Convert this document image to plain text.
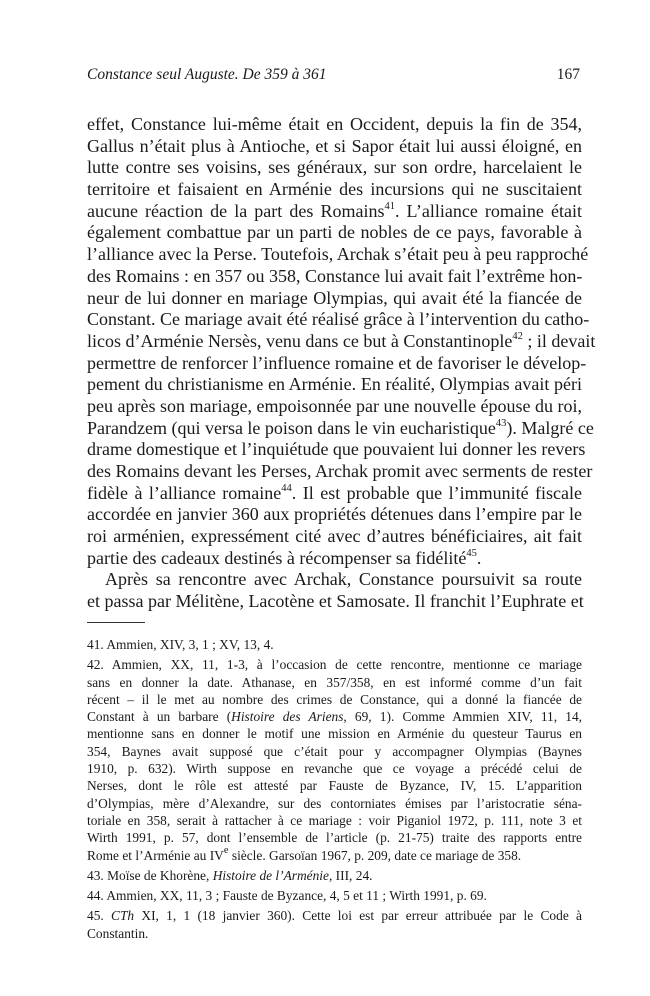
Constance seul Auguste. De 359 à 361	167
effet, Constance lui-même était en Occident, depuis la fin de 354,
Gallus n’était plus à Antioche, et si Sapor était lui aussi éloigné, en
lutte contre ses voisins, ses généraux, sur son ordre, harcelaient le
territoire et faisaient en Arménie des incursions qui ne suscitaient
aucune réaction de la part des Romains$^{41}$. L’alliance romaine était
également combattue par un parti de nobles de ce pays, favorable à
l’alliance avec la Perse. Toutefois, Archak s’était peu à peu rapproché
des Romains : en 357 ou 358, Constance lui avait fait l’extrême hon-
neur de lui donner en mariage Olympias, qui avait été la fiancée de
Constant. Ce mariage avait été réalisé grâce à l’intervention du catho-
licos d’Arménie Nersès, venu dans ce but à Constantinople$^{42}$ ; il devait
permettre de renforcer l’influence romaine et de favoriser le dévelop-
pement du christianisme en Arménie. En réalité, Olympias avait péri
peu après son mariage, empoisonnée par une nouvelle épouse du roi,
Parandzem (qui versa le poison dans le vin eucharistique$^{43}$). Malgré ce
drame domestique et l’inquiétude que pouvaient lui donner les revers
des Romains devant les Perses, Archak promit avec serments de rester
fidèle à l’alliance romaine$^{44}$. Il est probable que l’immunité fiscale
accordée en janvier 360 aux propriétés détenues dans l’empire par le
roi arménien, expressément cité avec d’autres bénéficiaires, ait fait
partie des cadeaux destinés à récompenser sa fidélité$^{45}$.
Après sa rencontre avec Archak, Constance poursuivit sa route
et passa par Mélitène, Lacotène et Samosate. Il franchit l’Euphrate et
41. Ammien, XIV, 3, 1 ; XV, 13, 4.
42. Ammien, XX, 11, 1-3, à l’occasion de cette rencontre, mentionne ce mariage
sans en donner la date. Athanase, en 357/358, en est informé comme d’un fait
récent – il le met au nombre des crimes de Constance, qui a donné la fiancée de
Constant à un barbare (Histoire des Ariens, 69, 1). Comme Ammien XIV, 11, 14,
mentionne sans en donner le motif une mission en Arménie du questeur Taurus en
354, Baynes avait supposé que c’était pour y accompagner Olympias (Baynes
1910, p. 632). Wirth suppose en revanche que ce voyage a précédé celui de
Nerses, dont le rôle est attesté par Fauste de Byzance, IV, 15. L’apparition
d’Olympias, mère d’Alexandre, sur des contorniates émises par l’aristocratie séna-
toriale en 358, serait à rattacher à ce mariage : voir Piganiol 1972, p. 111, note 3 et
Wirth 1991, p. 57, dont l’ensemble de l’article (p. 21-75) traite des rapports entre
Rome et l’Arménie au IVe siècle. Garsoïan 1967, p. 209, date ce mariage de 358.
43. Moïse de Khorène, Histoire de l’Arménie, III, 24.
44. Ammien, XX, 11, 3 ; Fauste de Byzance, 4, 5 et 11 ; Wirth 1991, p. 69.
45. CTh XI, 1, 1 (18 janvier 360). Cette loi est par erreur attribuée par le Code à
Constantin.
